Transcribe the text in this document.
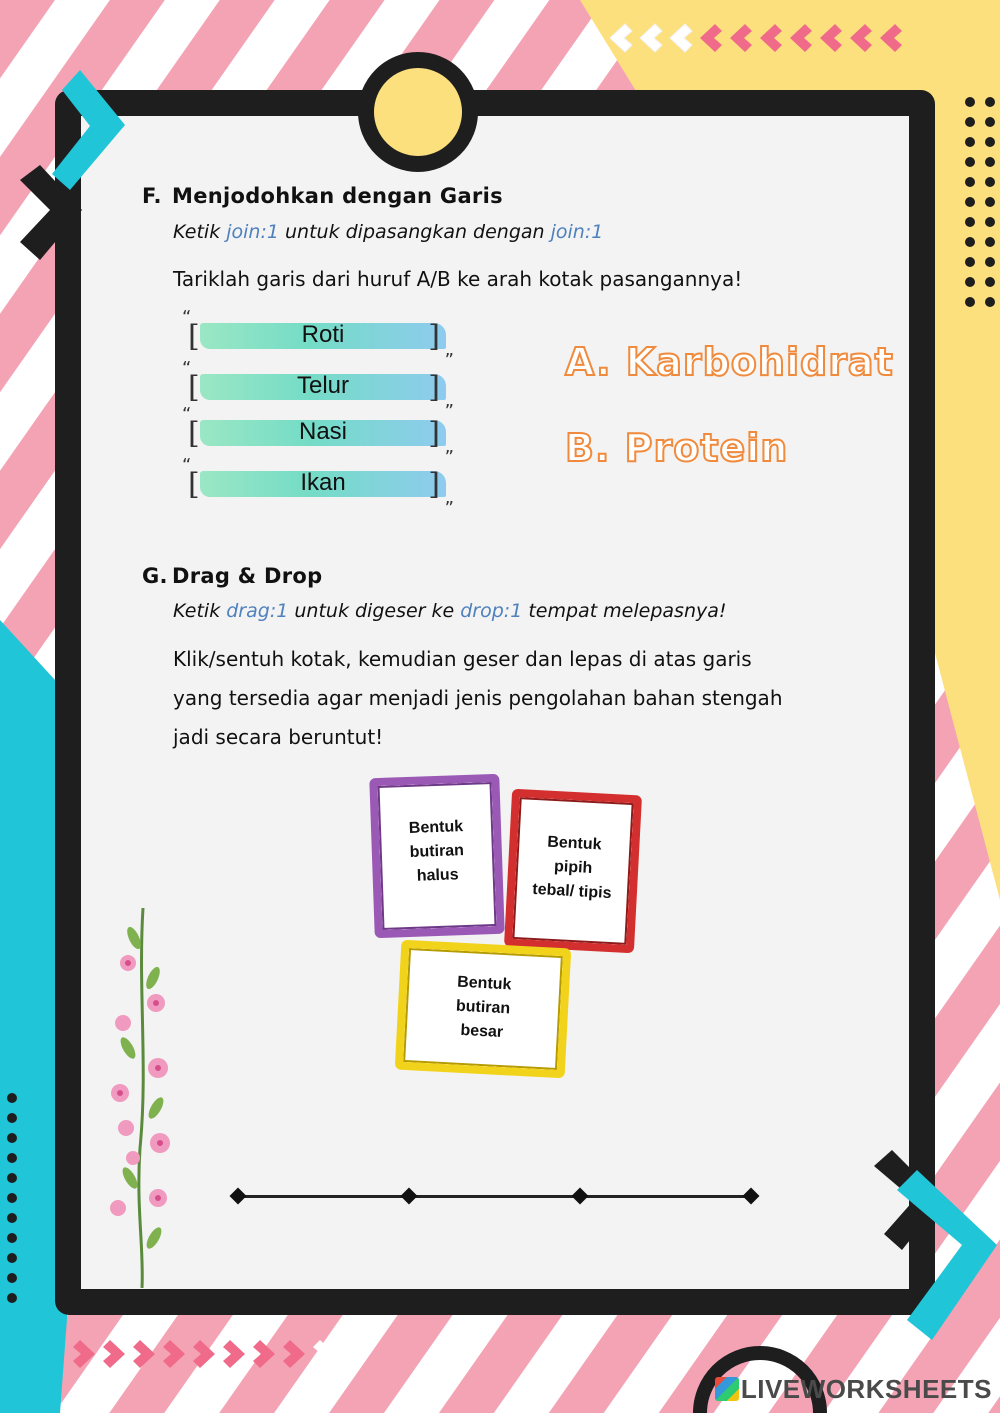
F. Menjodohkan dengan Garis
Ketik join:1 untuk dipasangkan dengan join:1
Tariklah garis dari huruf A/B ke arah kotak pasangannya!
“
[	Roti	]
”
“
[	Telur	]
”
“
[	Nasi	]
”
“
[	Ikan	]
”
A. Karbohidrat
B. Protein
G. Drag & Drop
Ketik drag:1 untuk digeser ke drop:1 tempat melepasnya!
Klik/sentuh kotak, kemudian geser dan lepas di atas garis
yang tersedia agar menjadi jenis pengolahan bahan stengah
jadi secara beruntut!
Bentuk
butiran
halus
Bentuk
pipih
tebal/ tipis
Bentuk
butiran
besar
LIVEWORKSHEETS
